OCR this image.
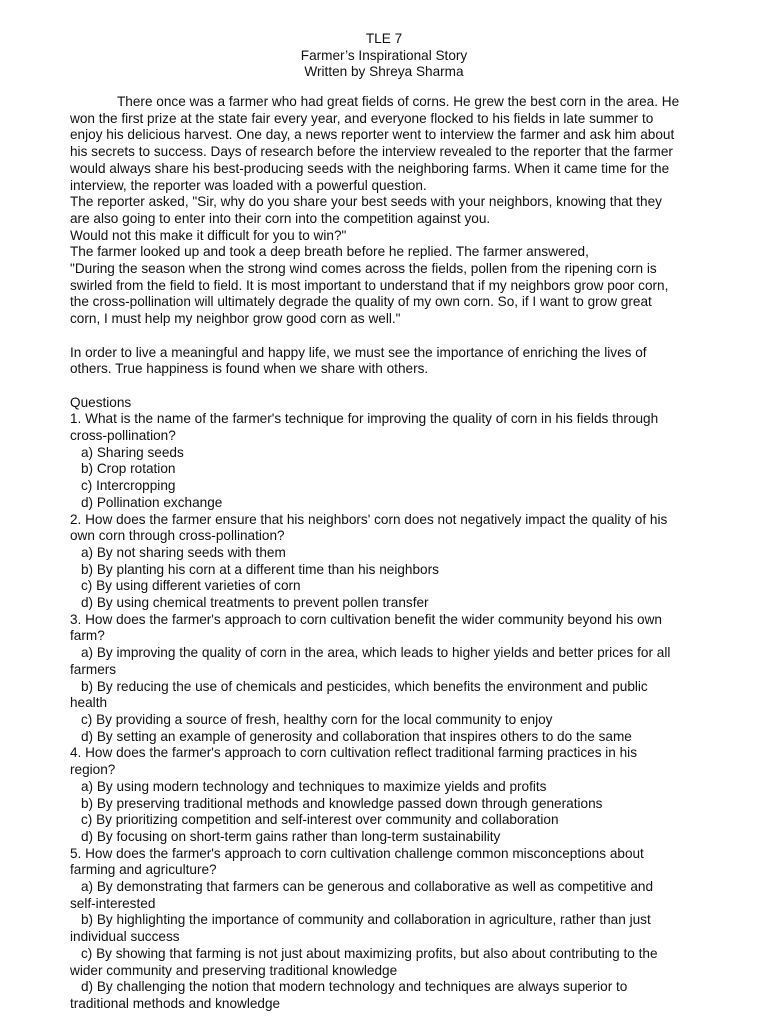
TLE 7
Farmer’s Inspirational Story
Written by Shreya Sharma
There once was a farmer who had great fields of corns. He grew the best corn in the area. He
won the first prize at the state fair every year, and everyone flocked to his fields in late summer to
enjoy his delicious harvest. One day, a news reporter went to interview the farmer and ask him about
his secrets to success. Days of research before the interview revealed to the reporter that the farmer
would always share his best-producing seeds with the neighboring farms. When it came time for the
interview, the reporter was loaded with a powerful question.
The reporter asked, "Sir, why do you share your best seeds with your neighbors, knowing that they
are also going to enter into their corn into the competition against you.
Would not this make it difficult for you to win?"
The farmer looked up and took a deep breath before he replied. The farmer answered,
"During the season when the strong wind comes across the fields, pollen from the ripening corn is
swirled from the field to field. It is most important to understand that if my neighbors grow poor corn,
the cross-pollination will ultimately degrade the quality of my own corn. So, if I want to grow great
corn, I must help my neighbor grow good corn as well."
In order to live a meaningful and happy life, we must see the importance of enriching the lives of
others. True happiness is found when we share with others.
Questions
1. What is the name of the farmer's technique for improving the quality of corn in his fields through
cross-pollination?
a) Sharing seeds
b) Crop rotation
c) Intercropping
d) Pollination exchange
2. How does the farmer ensure that his neighbors' corn does not negatively impact the quality of his
own corn through cross-pollination?
a) By not sharing seeds with them
b) By planting his corn at a different time than his neighbors
c) By using different varieties of corn
d) By using chemical treatments to prevent pollen transfer
3. How does the farmer's approach to corn cultivation benefit the wider community beyond his own
farm?
a) By improving the quality of corn in the area, which leads to higher yields and better prices for all
farmers
b) By reducing the use of chemicals and pesticides, which benefits the environment and public
health
c) By providing a source of fresh, healthy corn for the local community to enjoy
d) By setting an example of generosity and collaboration that inspires others to do the same
4. How does the farmer's approach to corn cultivation reflect traditional farming practices in his
region?
a) By using modern technology and techniques to maximize yields and profits
b) By preserving traditional methods and knowledge passed down through generations
c) By prioritizing competition and self-interest over community and collaboration
d) By focusing on short-term gains rather than long-term sustainability
5. How does the farmer's approach to corn cultivation challenge common misconceptions about
farming and agriculture?
a) By demonstrating that farmers can be generous and collaborative as well as competitive and
self-interested
b) By highlighting the importance of community and collaboration in agriculture, rather than just
individual success
c) By showing that farming is not just about maximizing profits, but also about contributing to the
wider community and preserving traditional knowledge
d) By challenging the notion that modern technology and techniques are always superior to
traditional methods and knowledge
